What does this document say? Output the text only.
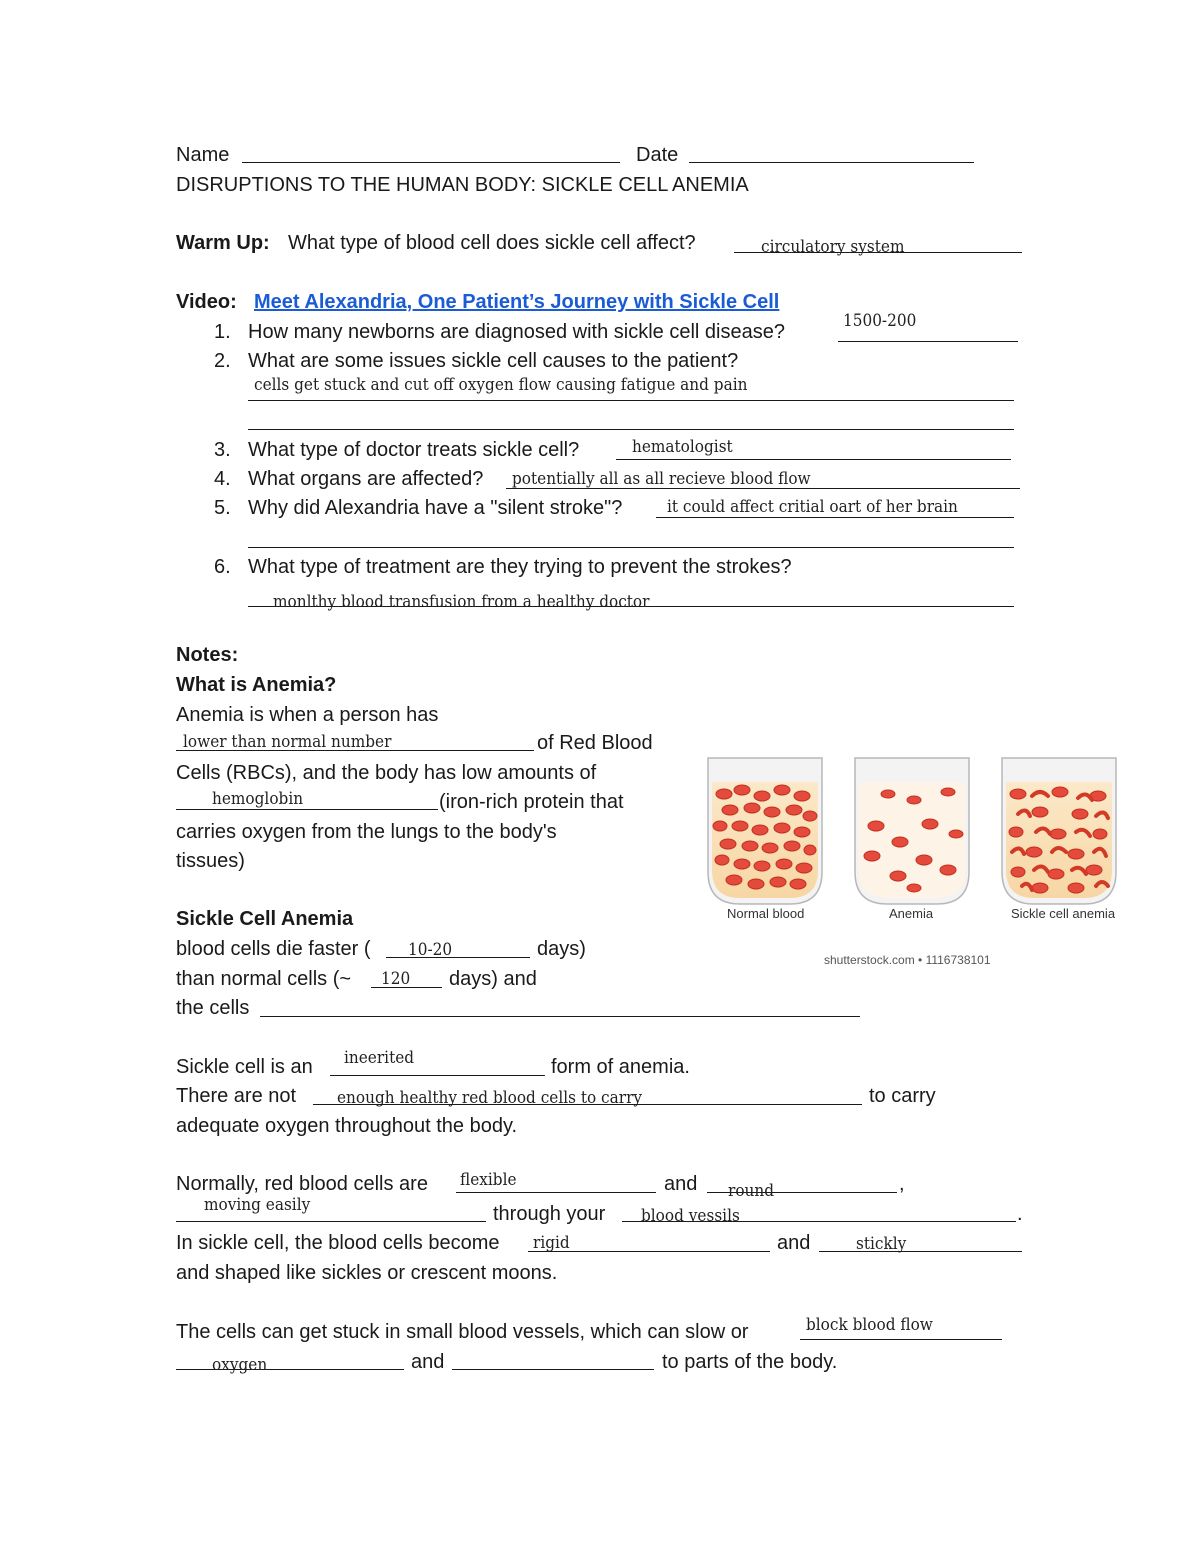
Name	Date
DISRUPTIONS TO THE HUMAN BODY: SICKLE CELL ANEMIA
Warm Up: What type of blood cell does sickle cell affect?	circulatory system
Video: Meet Alexandria, One Patient’s Journey with Sickle Cell
1. How many newborns are diagnosed with sickle cell disease?	1500-200
2. What are some issues sickle cell causes to the patient?
cells get stuck and cut off oxygen flow causing fatigue and pain
3. What type of doctor treats sickle cell?	hematologist
4. What organs are affected? potentially all as all recieve blood flow
5. Why did Alexandria have a "silent stroke"?	it could affect critial oart of her brain
6. What type of treatment are they trying to prevent the strokes?
monlthy blood transfusion from a healthy doctor
Notes:
What is Anemia?
Anemia is when a person has
lower than normal number	of Red Blood
Cells (RBCs), and the body has low amounts of
hemoglobin	(iron-rich protein that
carries oxygen from the lungs to the body's
tissues)
Normal blood	Anemia	Sickle cell anemia
shutterstock.com • 1116738101
Sickle Cell Anemia
blood cells die faster ( 10-20	days)
than normal cells (~ 120 days) and
the cells
Sickle cell is an ineerited	form of anemia.
There are not enough healthy red blood cells to carry	to carry
adequate oxygen throughout the body.
Normally, red blood cells are flexible	and round	,
moving easily	through your blood vessils	.
In sickle cell, the blood cells become rigid	and	stickly
and shaped like sickles or crescent moons.
The cells can get stuck in small blood vessels, which can slow or	block blood flow
oxygen	and	to parts of the body.
